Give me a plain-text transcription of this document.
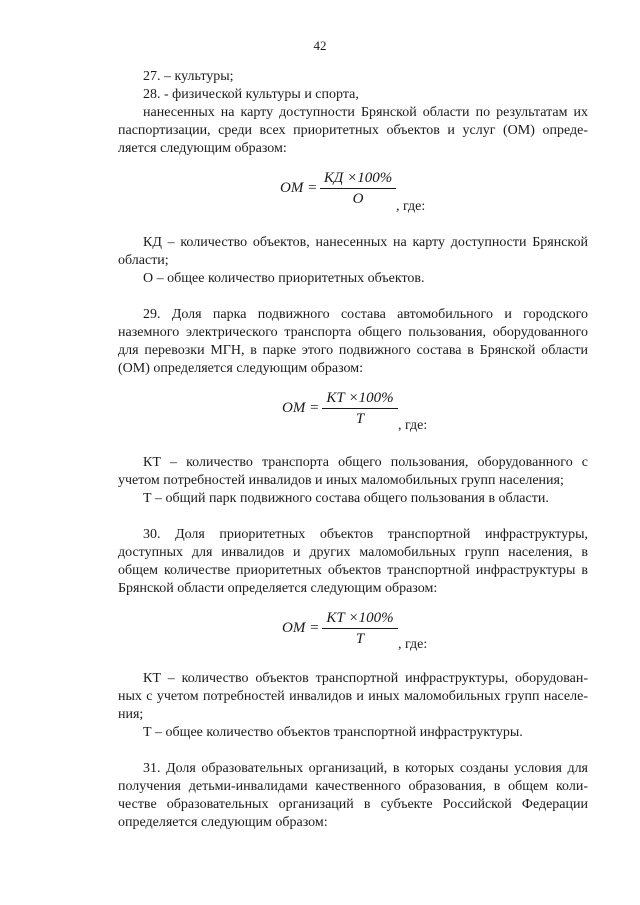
42
27. – культуры;
28. - физической культуры и спорта,
нанесенных на карту доступности Брянской области по результатам их
паспортизации, среди всех приоритетных объектов и услуг (ОМ) опреде-
ляется следующим образом:
ОМ =
КД ×100%
О	, где:
КД – количество объектов, нанесенных на карту доступности Брянской
области;
О – общее количество приоритетных объектов.
29. Доля парка подвижного состава автомобильного и городского
наземного электрического транспорта общего пользования, оборудованного
для перевозки МГН, в парке этого подвижного состава в Брянской области
(ОМ) определяется следующим образом:
ОМ =
КТ ×100%
Т	, где:
КТ – количество транспорта общего пользования, оборудованного с
учетом потребностей инвалидов и иных маломобильных групп населения;
Т – общий парк подвижного состава общего пользования в области.
30. Доля приоритетных объектов транспортной инфраструктуры,
доступных для инвалидов и других маломобильных групп населения, в
общем количестве приоритетных объектов транспортной инфраструктуры в
Брянской области определяется следующим образом:
ОМ =
КТ ×100%
Т	, где:
КТ – количество объектов транспортной инфраструктуры, оборудован-
ных с учетом потребностей инвалидов и иных маломобильных групп населе-
ния;
Т – общее количество объектов транспортной инфраструктуры.
31. Доля образовательных организаций, в которых созданы условия для
получения детьми-инвалидами качественного образования, в общем коли-
честве образовательных организаций в субъекте Российской Федерации
определяется следующим образом:
